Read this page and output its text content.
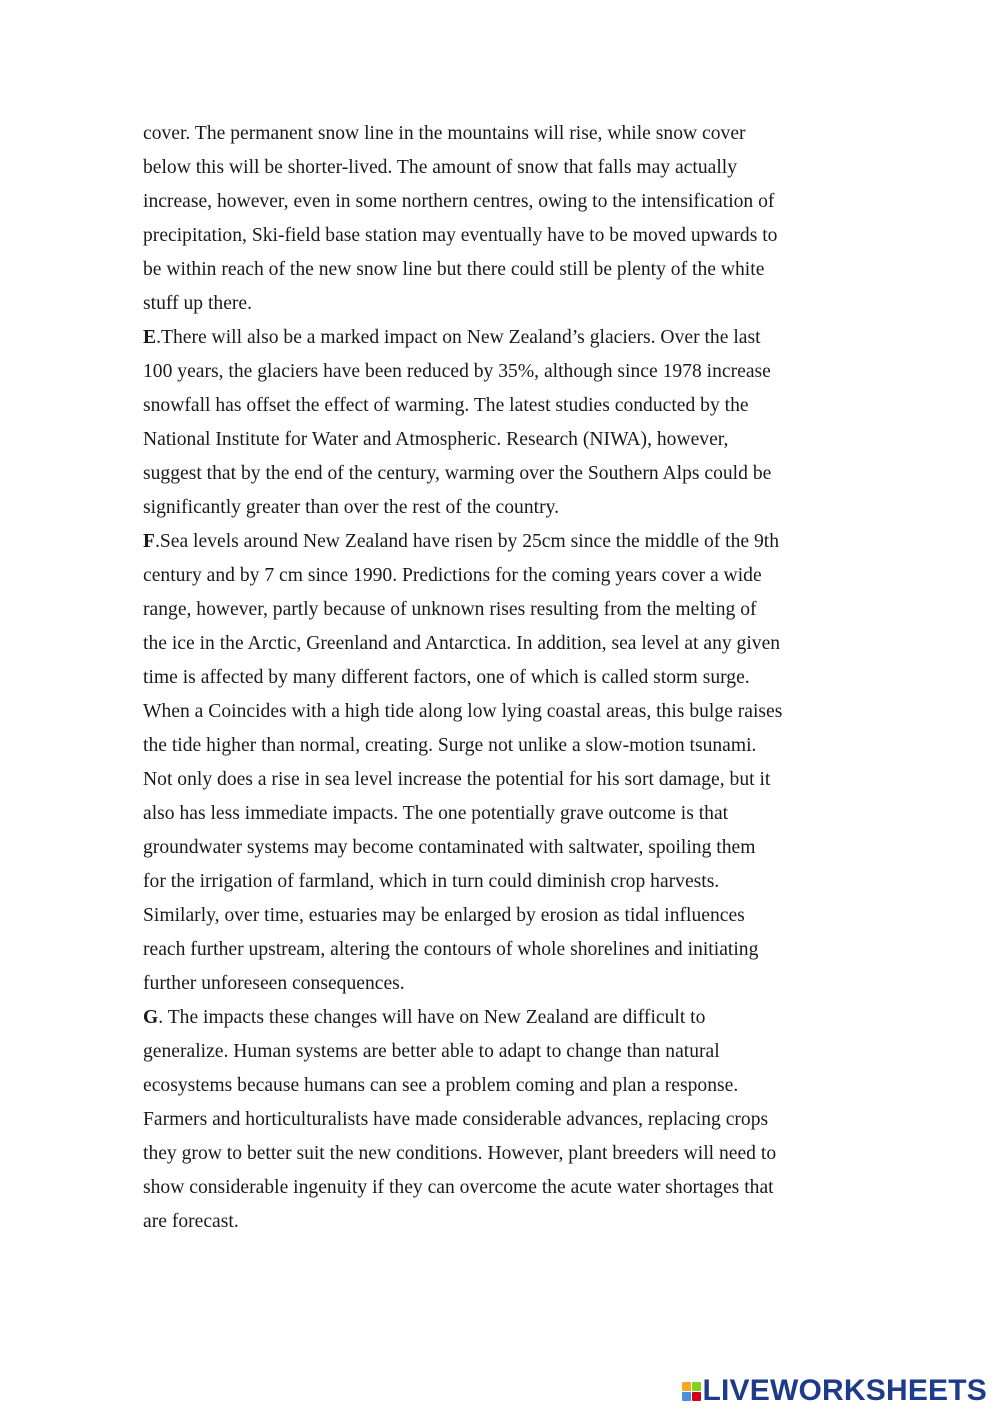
cover. The permanent snow line in the mountains will rise, while snow cover
below this will be shorter-lived. The amount of snow that falls may actually
increase, however, even in some northern centres, owing to the intensification of
precipitation, Ski-field base station may eventually have to be moved upwards to
be within reach of the new snow line but there could still be plenty of the white
stuff up there.
E.There will also be a marked impact on New Zealand’s glaciers. Over the last
100 years, the glaciers have been reduced by 35%, although since 1978 increase
snowfall has offset the effect of warming. The latest studies conducted by the
National Institute for Water and Atmospheric. Research (NIWA), however,
suggest that by the end of the century, warming over the Southern Alps could be
significantly greater than over the rest of the country.
F.Sea levels around New Zealand have risen by 25cm since the middle of the 9th
century and by 7 cm since 1990. Predictions for the coming years cover a wide
range, however, partly because of unknown rises resulting from the melting of
the ice in the Arctic, Greenland and Antarctica. In addition, sea level at any given
time is affected by many different factors, one of which is called storm surge.
When a Coincides with a high tide along low lying coastal areas, this bulge raises
the tide higher than normal, creating. Surge not unlike a slow-motion tsunami.
Not only does a rise in sea level increase the potential for his sort damage, but it
also has less immediate impacts. The one potentially grave outcome is that
groundwater systems may become contaminated with saltwater, spoiling them
for the irrigation of farmland, which in turn could diminish crop harvests.
Similarly, over time, estuaries may be enlarged by erosion as tidal influences
reach further upstream, altering the contours of whole shorelines and initiating
further unforeseen consequences.
G. The impacts these changes will have on New Zealand are difficult to
generalize. Human systems are better able to adapt to change than natural
ecosystems because humans can see a problem coming and plan a response.
Farmers and horticulturalists have made considerable advances, replacing crops
they grow to better suit the new conditions. However, plant breeders will need to
show considerable ingenuity if they can overcome the acute water shortages that
are forecast.
LIVEWORKSHEETS
